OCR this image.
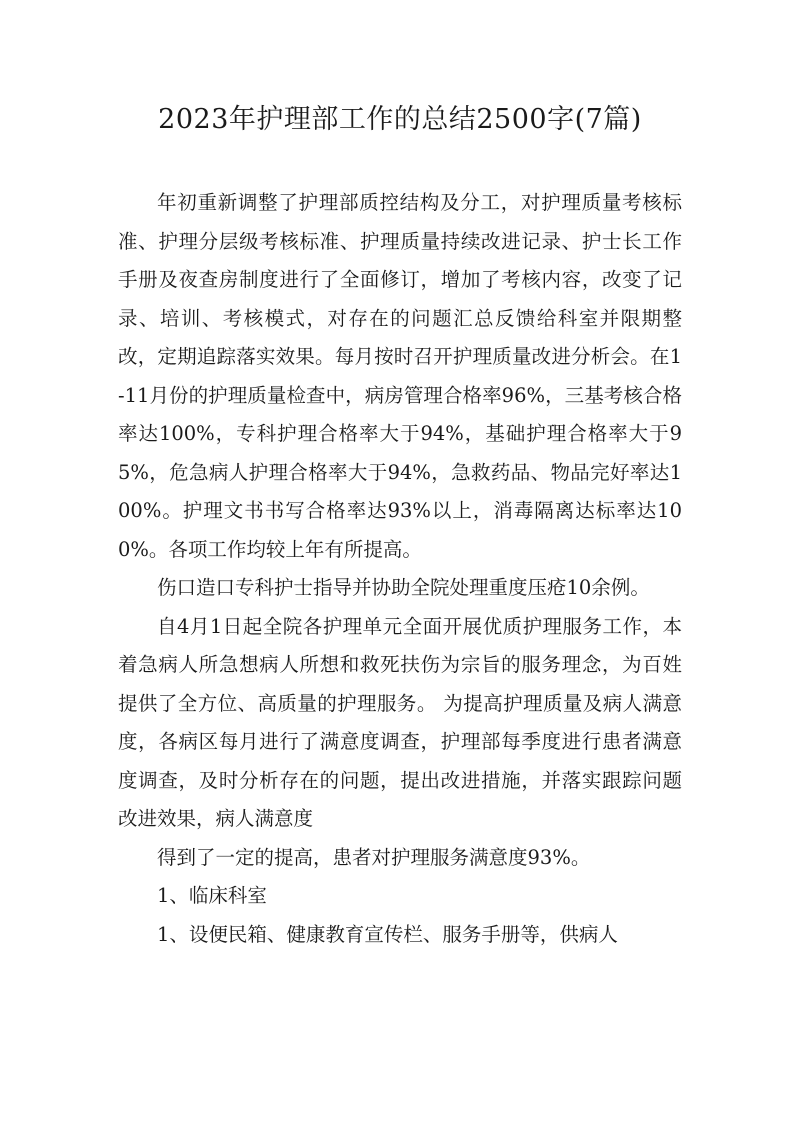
2023年护理部工作的总结2500字(7篇)

年初重新调整了护理部质控结构及分工，对护理质量考核标准、护理分层级考核标准、护理质量持续改进记录、护士长工作手册及夜查房制度进行了全面修订，增加了考核内容，改变了记录、培训、考核模式，对存在的问题汇总反馈给科室并限期整改，定期追踪落实效果。每月按时召开护理质量改进分析会。在1-11月份的护理质量检查中，病房管理合格率96%，三基考核合格率达100%，专科护理合格率大于94%，基础护理合格率大于95%，危急病人护理合格率大于94%，急救药品、物品完好率达100%。护理文书书写合格率达93%以上，消毒隔离达标率达100%。各项工作均较上年有所提高。

伤口造口专科护士指导并协助全院处理重度压疮10余例。

自4月1日起全院各护理单元全面开展优质护理服务工作，本着急病人所急想病人所想和救死扶伤为宗旨的服务理念，为百姓提供了全方位、高质量的护理服务。 为提高护理质量及病人满意度，各病区每月进行了满意度调查，护理部每季度进行患者满意度调查，及时分析存在的问题，提出改进措施，并落实跟踪问题改进效果，病人满意度

得到了一定的提高，患者对护理服务满意度93%。

1、临床科室

1、设便民箱、健康教育宣传栏、服务手册等，供病人
